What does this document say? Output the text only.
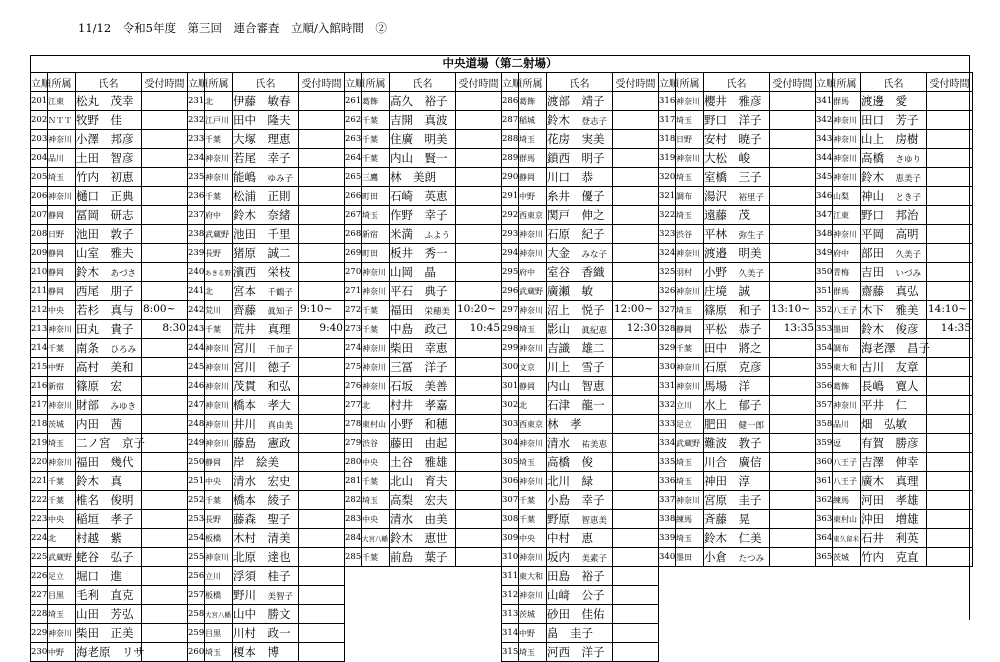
11/12　令和5年度　第三回　連合審査　立順/入館時間　②
中央道場（第二射場）
立順	所属	氏名	受付時間
201	江東	松丸　茂幸	
202	ＮＴＴ	牧野　佳	
203	神奈川	小澤　邦彦	
204	品川	土田　智彦	
205	埼玉	竹内　初恵	
206	神奈川	樋口　正典	
207	静岡	冨岡　研志	
208	日野	池田　敦子	
209	静岡	山室　雅夫	
210	静岡	鈴木　あづさ	
211	静岡	西尾　朋子	
212	中央	若杉　真与	8:00~

213	神奈川	田丸　貴子	8:30

214	千葉	南条　ひろみ	
215	中野	高村　美和	
216	新宿	篠原　宏	
217	神奈川	財部　みゆき	
218	茨城	内田　茜	
219	埼玉	二ノ宮　京子	
220	神奈川	福田　幾代	
221	千葉	鈴木　真	
222	千葉	椎名　俊明	
223	中央	稲垣　孝子	
224	北	村越　紫	
225	武蔵野	蛯谷　弘子	
226	足立	堀口　進	
227	目黒	毛利　直克	
228	埼玉	山田　芳弘	
229	神奈川	柴田　正美	
230	中野	海老原　リサ	
立順	所属	氏名	受付時間
231	北	伊藤　敏春	
232	江戸川	田中　隆夫	
233	千葉	大塚　理恵	
234	神奈川	若尾　幸子	
235	神奈川	能嶋　ゆみ子	
236	千葉	松浦　正則	
237	府中	鈴木　奈緒	
238	武蔵野	池田　千里	
239	長野	猪原　誠二	
240	あきる野	濱西　栄枝	
241	北	宮本　千鶴子	
242	荒川	齊藤　眞知子	9:10~

243	千葉	荒井　真理	9:40

244	神奈川	宮川　千加子	
245	神奈川	宮川　徳子	
246	神奈川	茂貫　和弘	
247	神奈川	橋本　孝大	
248	神奈川	井川　真由美	
249	神奈川	藤島　憲政	
250	静岡	岸　絵美	
251	中央	清水　宏史	
252	千葉	橋本　綾子	
253	長野	藤森　聖子	
254	板橋	木村　清美	
255	神奈川	北原　達也	
256	立川	浮須　桂子	
257	板橋	野川　美智子	
258	大宮八幡	山中　勝文	
259	目黒	川村　政一	
260	埼玉	榎本　博	
立順	所属	氏名	受付時間
261	葛飾	高久　裕子	
262	千葉	吉開　真波	
263	千葉	住廣　明美	
264	千葉	内山　賢一	
265	三鷹	林　美朗	
266	町田	石崎　英恵	
267	埼玉	作野　幸子	
268	新宿	米満　ふよう	
269	町田	板井　秀一	
270	神奈川	山岡　晶	
271	神奈川	平石　典子	
272	千葉	福田　栄穂美	10:20~

273	千葉	中島　政己	10:45

274	神奈川	柴田　幸恵	
275	神奈川	三冨　洋子	
276	神奈川	石坂　美善	
277	北	村井　孝嘉	
278	東村山	小野　和穂	
279	渋谷	藤田　由起	
280	中央	土谷　雅雄	
281	千葉	北山　育夫	
282	埼玉	高梨　宏夫	
283	中央	清水　由美	
284	大宮八幡	鈴木　恵世	
285	千葉	前島　葉子	
立順	所属	氏名	受付時間
286	葛飾	渡部　靖子	
287	稲城	鈴木　登志子	
288	埼玉	花房　実美	
289	群馬	鎖西　明子	
290	静岡	川口　恭	
291	中野	糸井　優子	
292	西東京	関戸　伸之	
293	神奈川	石原　紀子	
294	神奈川	大金　みな子	
295	府中	室谷　香織	
296	武蔵野	廣瀬　敏	
297	神奈川	沼上　悦子	12:00~

298	埼玉	影山　眞紀恵	12:30

299	神奈川	吉識　雄二	
300	文京	川上　雪子	
301	静岡	内山　智恵	
302	北	石津　龍一	
303	西東京	林　孝	
304	神奈川	清水　祐美恵	
305	埼玉	高橋　俊	
306	神奈川	北川　緑	
307	千葉	小島　幸子	
308	千葉	野原　智恵美	
309	中央	中村　恵	
310	神奈川	坂内　美素子	
311	東大和	田島　裕子	
312	神奈川	山﨑　公子	
313	茨城	砂田　佳佑	
314	中野	畠　圭子	
315	埼玉	河西　洋子	
立順	所属	氏名	受付時間
316	神奈川	櫻井　雅彦	
317	埼玉	野口　洋子	
318	日野	安村　暁子	
319	神奈川	大松　峻	
320	埼玉	室橋　三子	
321	調布	湯沢　裕里子	
322	埼玉	遠藤　茂	
323	渋谷	平林　弥生子	
324	神奈川	渡邉　明美	
325	羽村	小野　久美子	
326	神奈川	庄境　誠	
327	埼玉	篠原　和子	13:10~

328	静岡	平松　恭子	13:35

329	千葉	田中　將之	
330	神奈川	石原　克彦	
331	神奈川	馬場　洋	
332	立川	水上　郁子	
333	足立	肥田　健一郎	
334	武蔵野	難波　教子	
335	埼玉	川合　廣信	
336	埼玉	神田　淳	
337	神奈川	宮原　圭子	
338	練馬	斉藤　晃	
339	埼玉	鈴木　仁美	
340	墨田	小倉　たつみ	
立順	所属	氏名	受付時間
341	群馬	渡邊　愛	
342	神奈川	田口　芳子	
343	神奈川	山上　房樹	
344	神奈川	高橋　さゆり	
345	神奈川	鈴木　恵美子	
346	山梨	神山　とき子	
347	江東	野口　邦治	
348	神奈川	平岡　高明	
349	府中	部田　久美子	
350	青梅	吉田　いづみ	
351	群馬	齋藤　真弘	
352	八王子	木下　雅美	14:10~

353	墨田	鈴木　俊彦	14:35

354	調布	海老澤　昌子	
355	東大和	古川　友章	
356	葛飾	長嶋　寛人	
357	神奈川	平井　仁	
358	品川	畑　弘敏	
359	逗	有賀　勝彦	
360	八王子	吉澤　伸幸	
361	八王子	廣木　真理	
362	練馬	河田　孝雄	
363	東村山	沖田　増雄	
364	東久留米	石井　利英	
365	茨城	竹内　克直	
